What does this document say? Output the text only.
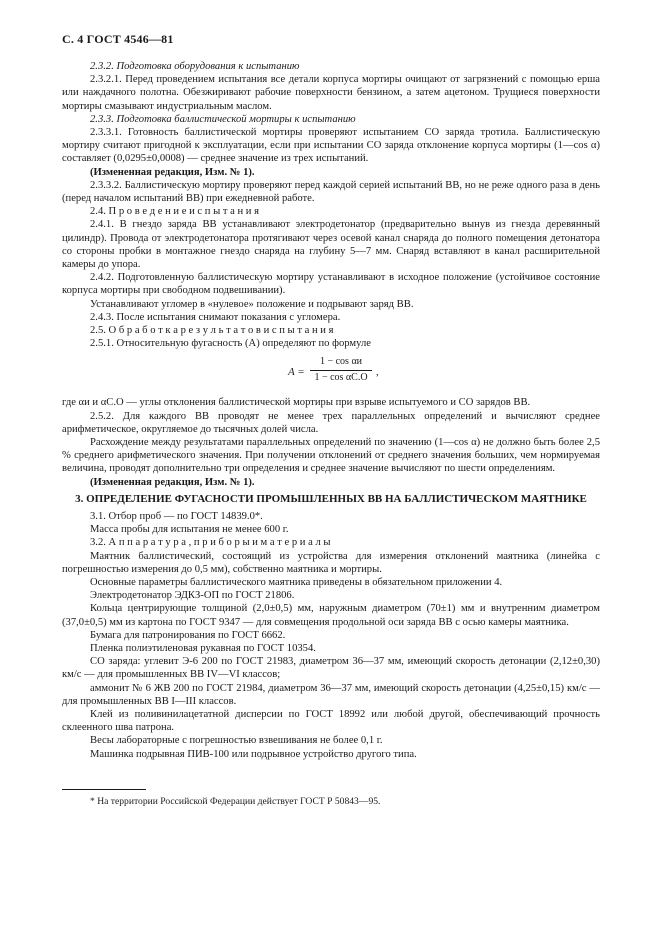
С. 4 ГОСТ 4546—81

2.3.2. Подготовка оборудования к испытанию

2.3.2.1. Перед проведением испытания все детали корпуса мортиры очищают от загрязнений с помощью ерша или наждачного полотна. Обезжиривают рабочие поверхности бензином, а затем ацетоном. Трущиеся поверхности мортиры смазывают индустриальным маслом.

2.3.3. Подготовка баллистической мортиры к испытанию

2.3.3.1. Готовность баллистической мортиры проверяют испытанием СО заряда тротила. Баллистическую мортиру считают пригодной к эксплуатации, если при испытании СО заряда отклонение корпуса мортиры (1—cos α) составляет (0,0295±0,0008) — среднее значение из трех испытаний.

(Измененная редакция, Изм. № 1).

2.3.3.2. Баллистическую мортиру проверяют перед каждой серией испытаний ВВ, но не реже одного раза в день (перед началом испытаний ВВ) при ежедневной работе.

2.4. П р о в е д е н и е и с п ы т а н и я

2.4.1. В гнездо заряда ВВ устанавливают электродетонатор (предварительно вынув из гнезда деревянный цилиндр). Провода от электродетонатора протягивают через осевой канал снаряда до полного помещения детонатора со стороны пробки в монтажное гнездо снаряда на глубину 5—7 мм. Снаряд вставляют в канал расширительной камеры до упора.

2.4.2. Подготовленную баллистическую мортиру устанавливают в исходное положение (устойчивое состояние корпуса мортиры при свободном подвешивании).

Устанавливают угломер в «нулевое» положение и подрывают заряд ВВ.

2.4.3. После испытания снимают показания с угломера.

2.5. О б р а б о т к а р е з у л ь т а т о в и с п ы т а н и я

2.5.1. Относительную фугасность (А) определяют по формуле

A =
1 − cos αи
1 − cos αС.О ,

где αи и αС.О — углы отклонения баллистической мортиры при взрыве испытуемого и СО зарядов ВВ.

2.5.2. Для каждого ВВ проводят не менее трех параллельных определений и вычисляют среднее арифметическое, округляемое до тысячных долей числа.

Расхождение между результатами параллельных определений по значению (1—cos α) не должно быть более 2,5 % среднего арифметического значения. При получении отклонений от среднего значения больших, чем нормируемая величина, проводят дополнительно три определения и среднее значение вычисляют по шести определениям.

(Измененная редакция, Изм. № 1).

3. ОПРЕДЕЛЕНИЕ ФУГАСНОСТИ ПРОМЫШЛЕННЫХ ВВ НА БАЛЛИСТИЧЕСКОМ МАЯТНИКЕ

3.1. Отбор проб — по ГОСТ 14839.0*.

Масса пробы для испытания не менее 600 г.

3.2. А п п а р а т у р а , п р и б о р ы и м а т е р и а л ы

Маятник баллистический, состоящий из устройства для измерения отклонений маятника (линейка с погрешностью измерения до 0,5 мм), собственно маятника и мортиры.

Основные параметры баллистического маятника приведены в обязательном приложении 4.

Электродетонатор ЭДКЗ-ОП по ГОСТ 21806.

Кольца центрирующие толщиной (2,0±0,5) мм, наружным диаметром (70±1) мм и внутренним диаметром (37,0±0,5) мм из картона по ГОСТ 9347 — для совмещения продольной оси заряда ВВ с осью камеры маятника.

Бумага для патронирования по ГОСТ 6662.

Пленка полиэтиленовая рукавная по ГОСТ 10354.

СО заряда: углевит Э-6 200 по ГОСТ 21983, диаметром 36—37 мм, имеющий скорость детонации (2,12±0,30) км/с — для промышленных ВВ IV—VI классов;

аммонит № 6 ЖВ 200 по ГОСТ 21984, диаметром 36—37 мм, имеющий скорость детонации (4,25±0,15) км/с — для промышленных ВВ I—III классов.

Клей из поливинилацетатной дисперсии по ГОСТ 18992 или любой другой, обеспечивающий прочность склеенного шва патрона.

Весы лабораторные с погрешностью взвешивания не более 0,1 г.

Машинка подрывная ПИВ-100 или подрывное устройство другого типа.

* На территории Российской Федерации действует ГОСТ Р 50843—95.
